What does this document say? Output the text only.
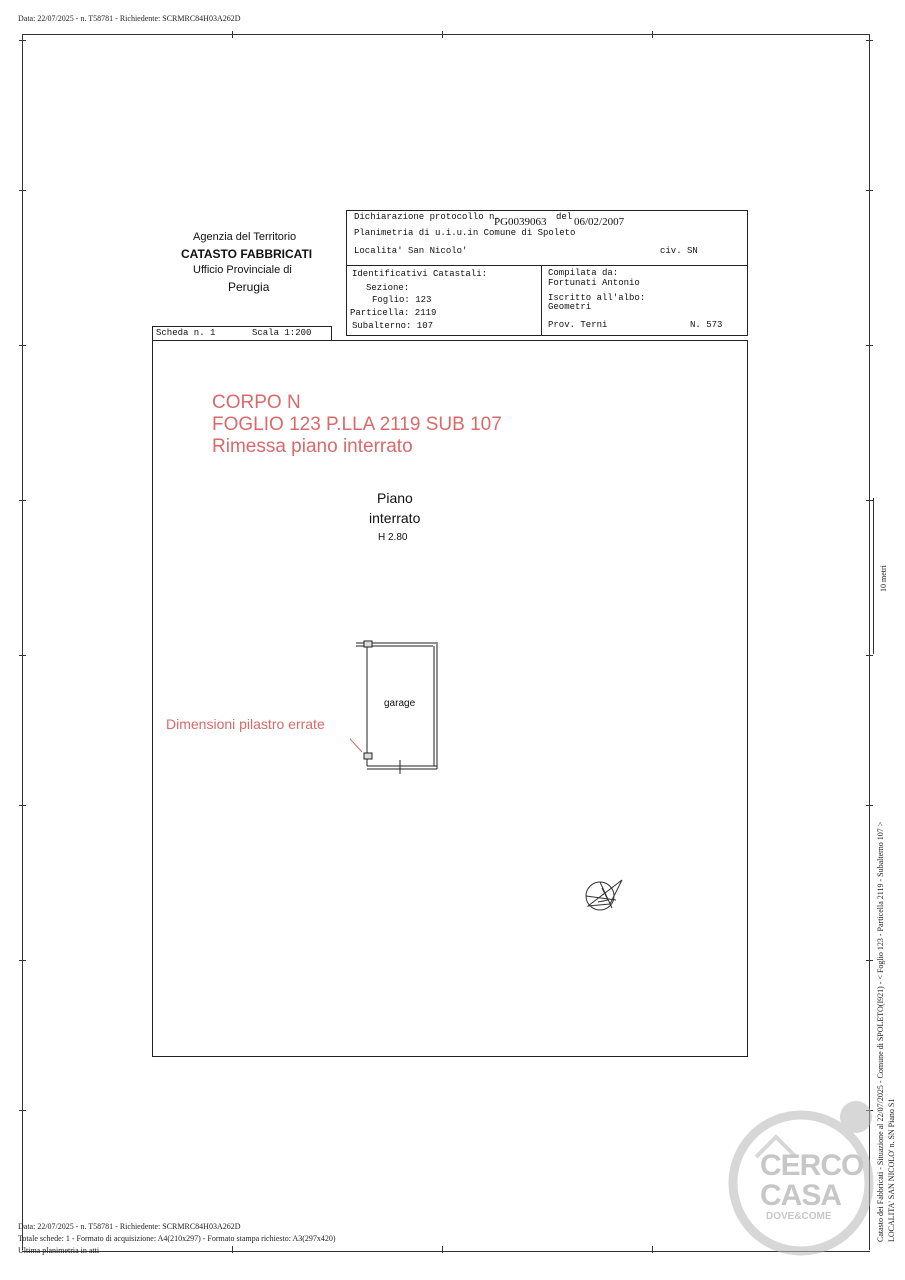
Data: 22/07/2025 - n. T58781 - Richiedente: SCRMRC84H03A262D
Agenzia del Territorio
CATASTO FABBRICATI
Ufficio Provinciale di
Perugia
Dichiarazione protocollo n.
PG0039063 del 06/02/2007
Planimetria di u.i.u.in Comune di Spoleto
Localita' San Nicolo'	civ. SN
Identificativi Catastali:
Sezione:
Foglio: 123
Particella: 2119
Subalterno: 107
Compilata da:
Fortunati Antonio
Iscritto all'albo:
Geometri
Prov. Terni	N. 573
Scheda n. 1	Scala 1:200
CORPO N
FOGLIO 123 P.LLA 2119 SUB 107
Rimessa piano interrato
Piano
interrato
H 2.80
garage
Dimensioni pilastro errate
Catasto dei Fabbricati - Situazione al 22/07/2025 - Comune di SPOLETO(I921) - < Foglio 123 - Particella 2119 - Subalterno 107 > LOCALITA' SAN NICOLO' n. SN Piano S1
10 metri
Data: 22/07/2025 - n. T58781 - Richiedente: SCRMRC84H03A262D
Totale schede: 1 - Formato di acquisizione: A4(210x297) - Formato stampa richiesto: A3(297x420)
Ultima planimetria in atti
CERCO
CASA
DOVE&COME
